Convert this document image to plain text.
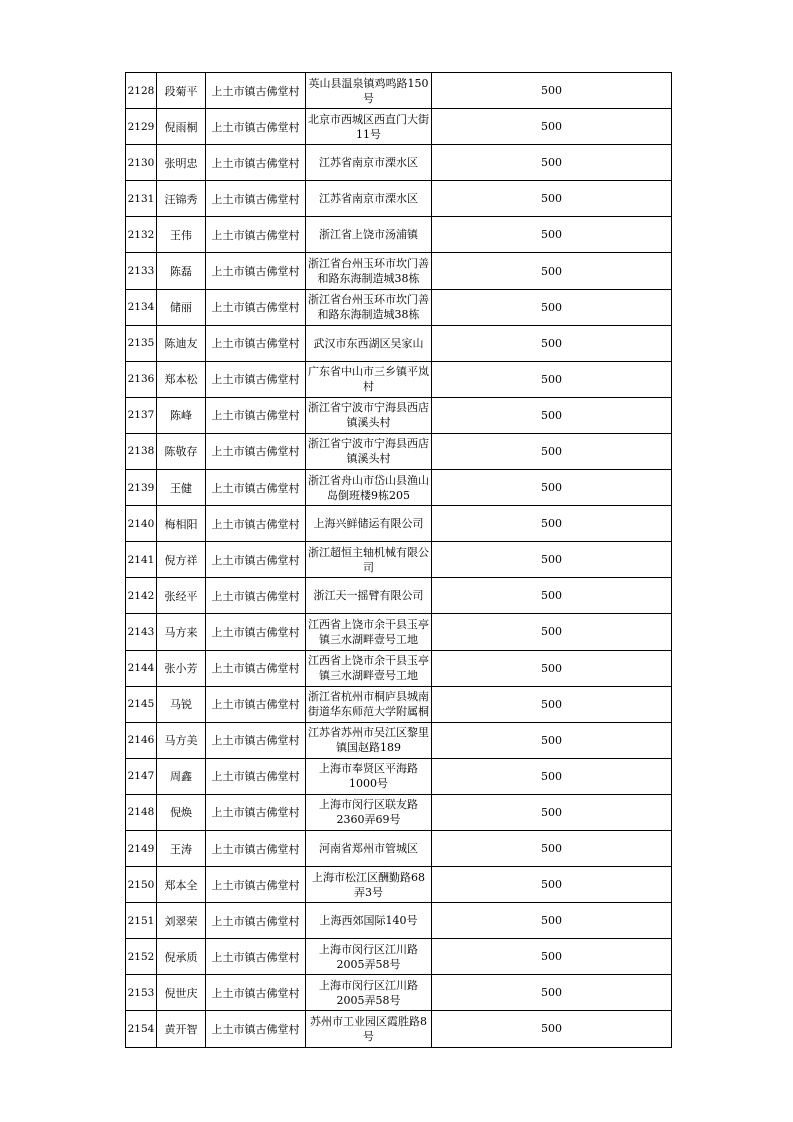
2128	段菊平	上土市镇古佛堂村	英山县温泉镇鸡鸣路150号	500
2129	倪雨桐	上土市镇古佛堂村	北京市西城区西直门大街11号	500
2130	张明忠	上土市镇古佛堂村	江苏省南京市溧水区	500
2131	汪锦秀	上土市镇古佛堂村	江苏省南京市溧水区	500
2132	王伟	上土市镇古佛堂村	浙江省上饶市汤浦镇	500
2133	陈磊	上土市镇古佛堂村	浙江省台州玉环市坎门善和路东海制造城38栋	500
2134	储丽	上土市镇古佛堂村	浙江省台州玉环市坎门善和路东海制造城38栋	500
2135	陈迪友	上土市镇古佛堂村	武汉市东西湖区吴家山	500
2136	郑本松	上土市镇古佛堂村	广东省中山市三乡镇平岚村	500
2137	陈峰	上土市镇古佛堂村	浙江省宁波市宁海县西店镇溪头村	500
2138	陈敬存	上土市镇古佛堂村	浙江省宁波市宁海县西店镇溪头村	500
2139	王健	上土市镇古佛堂村	浙江省舟山市岱山县渔山岛倒班楼9栋205	500
2140	梅相阳	上土市镇古佛堂村	上海兴鲜储运有限公司	500
2141	倪方祥	上土市镇古佛堂村	浙江超恒主轴机械有限公司	500
2142	张经平	上土市镇古佛堂村	浙江天一摇臂有限公司	500
2143	马方来	上土市镇古佛堂村	江西省上饶市余干县玉亭镇三水湖畔壹号工地	500
2144	张小芳	上土市镇古佛堂村	江西省上饶市余干县玉亭镇三水湖畔壹号工地	500
2145	马锐	上土市镇古佛堂村	浙江省杭州市桐庐县城南街道华东师范大学附属桐	500
2146	马方美	上土市镇古佛堂村	江苏省苏州市吴江区黎里镇国赵路189	500
2147	周鑫	上土市镇古佛堂村	上海市奉贤区平海路1000号	500
2148	倪焕	上土市镇古佛堂村	上海市闵行区联友路2360弄69号	500
2149	王涛	上土市镇古佛堂村	河南省郑州市管城区	500
2150	郑本全	上土市镇古佛堂村	上海市松江区酬勤路68弄3号	500
2151	刘翠荣	上土市镇古佛堂村	上海西郊国际140号	500
2152	倪承质	上土市镇古佛堂村	上海市闵行区江川路2005弄58号	500
2153	倪世庆	上土市镇古佛堂村	上海市闵行区江川路2005弄58号	500
2154	黄开智	上土市镇古佛堂村	苏州市工业园区霞胜路8号	500
